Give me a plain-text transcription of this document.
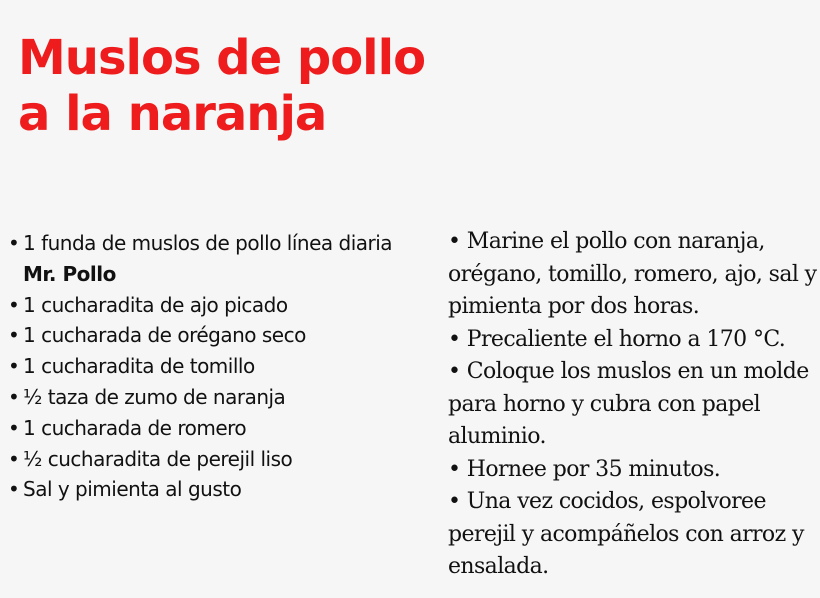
Muslos de pollo
a la naranja
• 1 funda de muslos de pollo línea diaria Mr. Pollo
• 1 cucharadita de ajo picado
• 1 cucharada de orégano seco
• 1 cucharadita de tomillo
• ½ taza de zumo de naranja
• 1 cucharada de romero
• ½ cucharadita de perejil liso
• Sal y pimienta al gusto
• Marine el pollo con naranja, orégano, tomillo, romero, ajo, sal y pimienta por dos horas. • Precaliente el horno a 170 °C. • Coloque los muslos en un molde para horno y cubra con papel aluminio.
• Hornee por 35 minutos.
• Una vez cocidos, espolvoree perejil y acompáñelos con arroz y ensalada.
